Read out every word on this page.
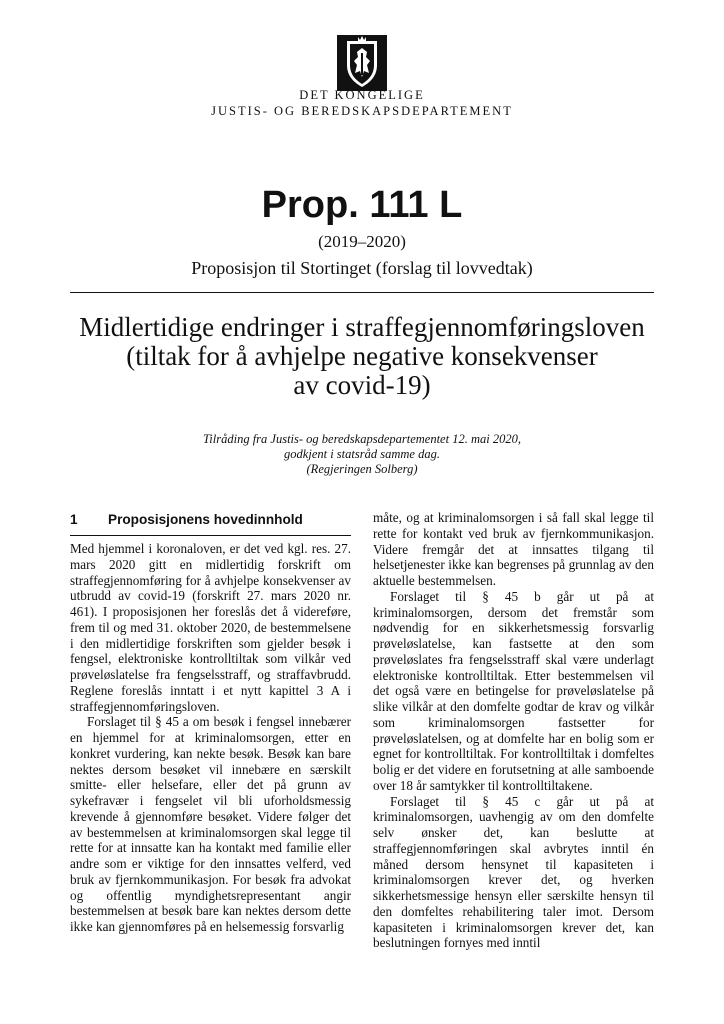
DET KONGELIGE
JUSTIS- OG BEREDSKAPSDEPARTEMENT
Prop. 111 L
(2019–2020)
Proposisjon til Stortinget (forslag til lovvedtak)
Midlertidige endringer i straffegjennomføringsloven
(tiltak for å avhjelpe negative konsekvenser
av covid-19)
Tilråding fra Justis- og beredskapsdepartementet 12. mai 2020,
godkjent i statsråd samme dag.
(Regjeringen Solberg)
1	Proposisjonens hovedinnhold

Med hjemmel i koronaloven, er det ved kgl. res. 27. mars 2020 gitt en midlertidig forskrift om straffegjennomføring for å avhjelpe konsekvenser av utbrudd av covid-19 (forskrift 27. mars 2020 nr. 461). I proposisjonen her foreslås det å videreføre, frem til og med 31. oktober 2020, de bestemmelsene i den midlertidige forskriften som gjelder besøk i fengsel, elektroniske kontrolltiltak som vilkår ved prøveløslatelse fra fengselsstraff, og straffavbrudd. Reglene foreslås inntatt i et nytt kapittel 3 A i straffegjennomføringsloven.

Forslaget til § 45 a om besøk i fengsel innebærer en hjemmel for at kriminalomsorgen, etter en konkret vurdering, kan nekte besøk. Besøk kan bare nektes dersom besøket vil innebære en særskilt smitte- eller helsefare, eller det på grunn av sykefravær i fengselet vil bli uforholdsmessig krevende å gjennomføre besøket. Videre følger det av bestemmelsen at kriminalomsorgen skal legge til rette for at innsatte kan ha kontakt med familie eller andre som er viktige for den innsattes velferd, ved bruk av fjernkommunikasjon. For besøk fra advokat og offentlig myndighetsrepresentant angir bestemmelsen at besøk bare kan nektes dersom dette ikke kan gjennomføres på en helsemessig forsvarlig

måte, og at kriminalomsorgen i så fall skal legge til rette for kontakt ved bruk av fjernkommunikasjon. Videre fremgår det at innsattes tilgang til helsetjenester ikke kan begrenses på grunnlag av den aktuelle bestemmelsen.

Forslaget til § 45 b går ut på at kriminalomsorgen, dersom det fremstår som nødvendig for en sikkerhetsmessig forsvarlig prøveløslatelse, kan fastsette at den som prøveløslates fra fengselsstraff skal være underlagt elektroniske kontrolltiltak. Etter bestemmelsen vil det også være en betingelse for prøveløslatelse på slike vilkår at den domfelte godtar de krav og vilkår som kriminalomsorgen fastsetter for prøveløslatelsen, og at domfelte har en bolig som er egnet for kontrolltiltak. For kontrolltiltak i domfeltes bolig er det videre en forutsetning at alle samboende over 18 år samtykker til kontrolltiltakene.

Forslaget til § 45 c går ut på at kriminalomsorgen, uavhengig av om den domfelte selv ønsker det, kan beslutte at straffegjennomføringen skal avbrytes inntil én måned dersom hensynet til kapasiteten i kriminalomsorgen krever det, og hverken sikkerhetsmessige hensyn eller særskilte hensyn til den domfeltes rehabilitering taler imot. Dersom kapasiteten i kriminalomsorgen krever det, kan beslutningen fornyes med inntil
